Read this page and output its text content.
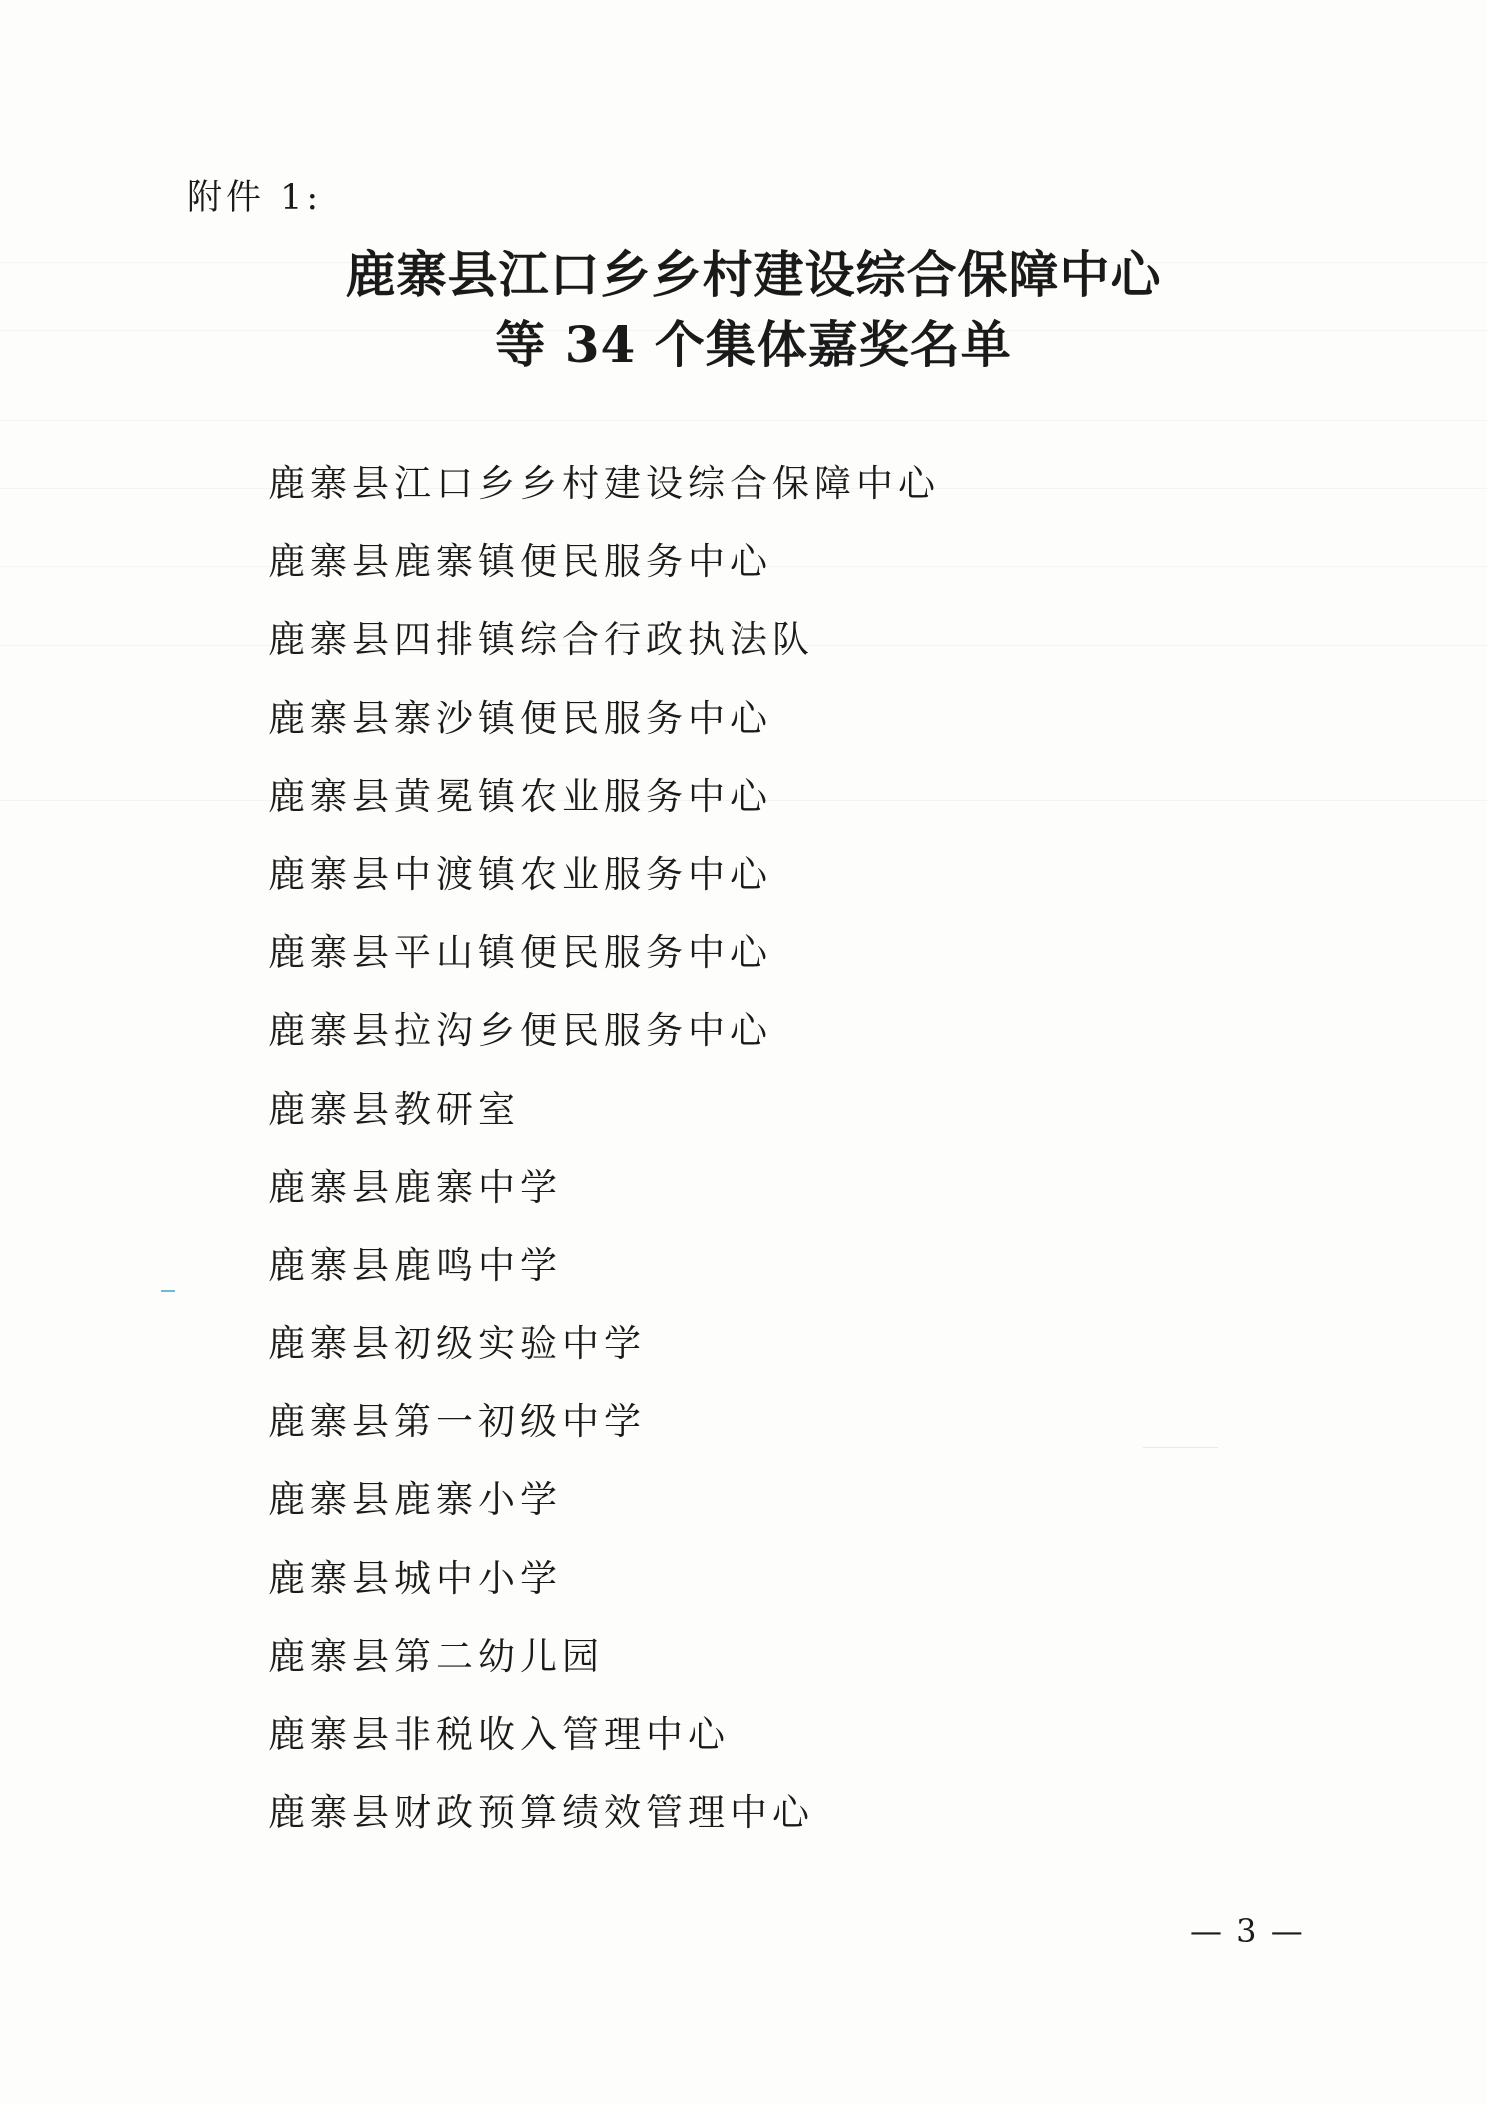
附件 1:
鹿寨县江口乡乡村建设综合保障中心
等 34 个集体嘉奖名单
鹿寨县江口乡乡村建设综合保障中心
鹿寨县鹿寨镇便民服务中心
鹿寨县四排镇综合行政执法队
鹿寨县寨沙镇便民服务中心
鹿寨县黄冕镇农业服务中心
鹿寨县中渡镇农业服务中心
鹿寨县平山镇便民服务中心
鹿寨县拉沟乡便民服务中心
鹿寨县教研室
鹿寨县鹿寨中学
鹿寨县鹿鸣中学
鹿寨县初级实验中学
鹿寨县第一初级中学
鹿寨县鹿寨小学
鹿寨县城中小学
鹿寨县第二幼儿园
鹿寨县非税收入管理中心
鹿寨县财政预算绩效管理中心
— 3 —
